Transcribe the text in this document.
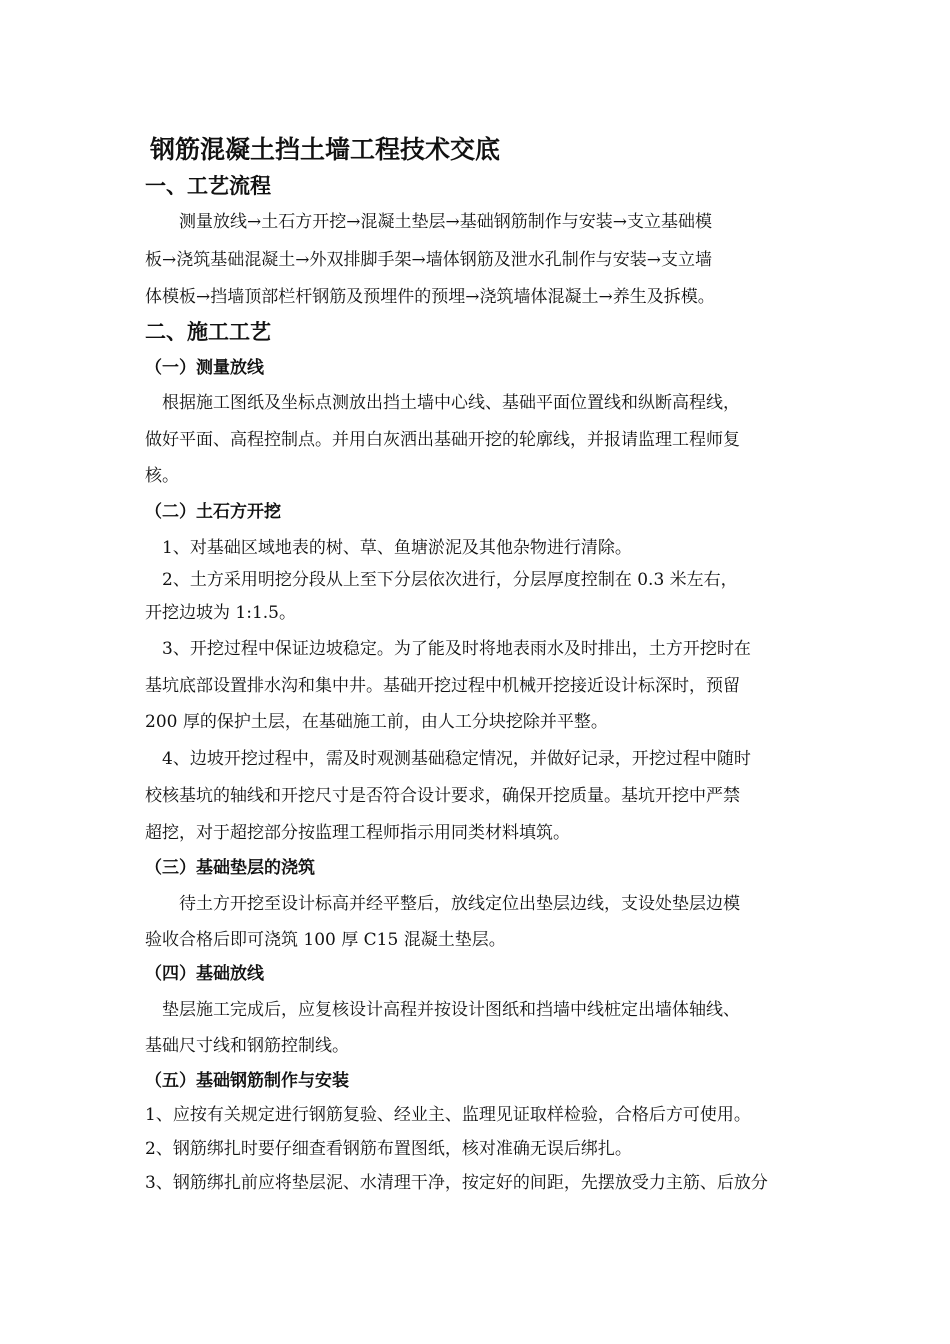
钢筋混凝土挡土墙工程技术交底
一、工艺流程
　　测量放线→土石方开挖→混凝土垫层→基础钢筋制作与安装→支立基础模
板→浇筑基础混凝土→外双排脚手架→墙体钢筋及泄水孔制作与安装→支立墙
体模板→挡墙顶部栏杆钢筋及预埋件的预埋→浇筑墙体混凝土→养生及拆模。
二、施工工艺
（一）测量放线
　根据施工图纸及坐标点测放出挡土墙中心线、基础平面位置线和纵断高程线，
做好平面、高程控制点。并用白灰洒出基础开挖的轮廓线，并报请监理工程师复
核。
（二）土石方开挖
　1、对基础区域地表的树、草、鱼塘淤泥及其他杂物进行清除。
　2、土方采用明挖分段从上至下分层依次进行，分层厚度控制在 0.3 米左右，
开挖边坡为 1:1.5。
　3、开挖过程中保证边坡稳定。为了能及时将地表雨水及时排出，土方开挖时在
基坑底部设置排水沟和集中井。基础开挖过程中机械开挖接近设计标深时，预留
200 厚的保护土层，在基础施工前，由人工分块挖除并平整。
　4、边坡开挖过程中，需及时观测基础稳定情况，并做好记录，开挖过程中随时
校核基坑的轴线和开挖尺寸是否符合设计要求，确保开挖质量。基坑开挖中严禁
超挖，对于超挖部分按监理工程师指示用同类材料填筑。
（三）基础垫层的浇筑
　　待土方开挖至设计标高并经平整后，放线定位出垫层边线，支设处垫层边模
验收合格后即可浇筑 100 厚 C15 混凝土垫层。
（四）基础放线
　垫层施工完成后，应复核设计高程并按设计图纸和挡墙中线桩定出墙体轴线、
基础尺寸线和钢筋控制线。
（五）基础钢筋制作与安装
1、应按有关规定进行钢筋复验、经业主、监理见证取样检验，合格后方可使用。
2、钢筋绑扎时要仔细查看钢筋布置图纸，核对准确无误后绑扎。
3、钢筋绑扎前应将垫层泥、水清理干净，按定好的间距，先摆放受力主筋、后放分
